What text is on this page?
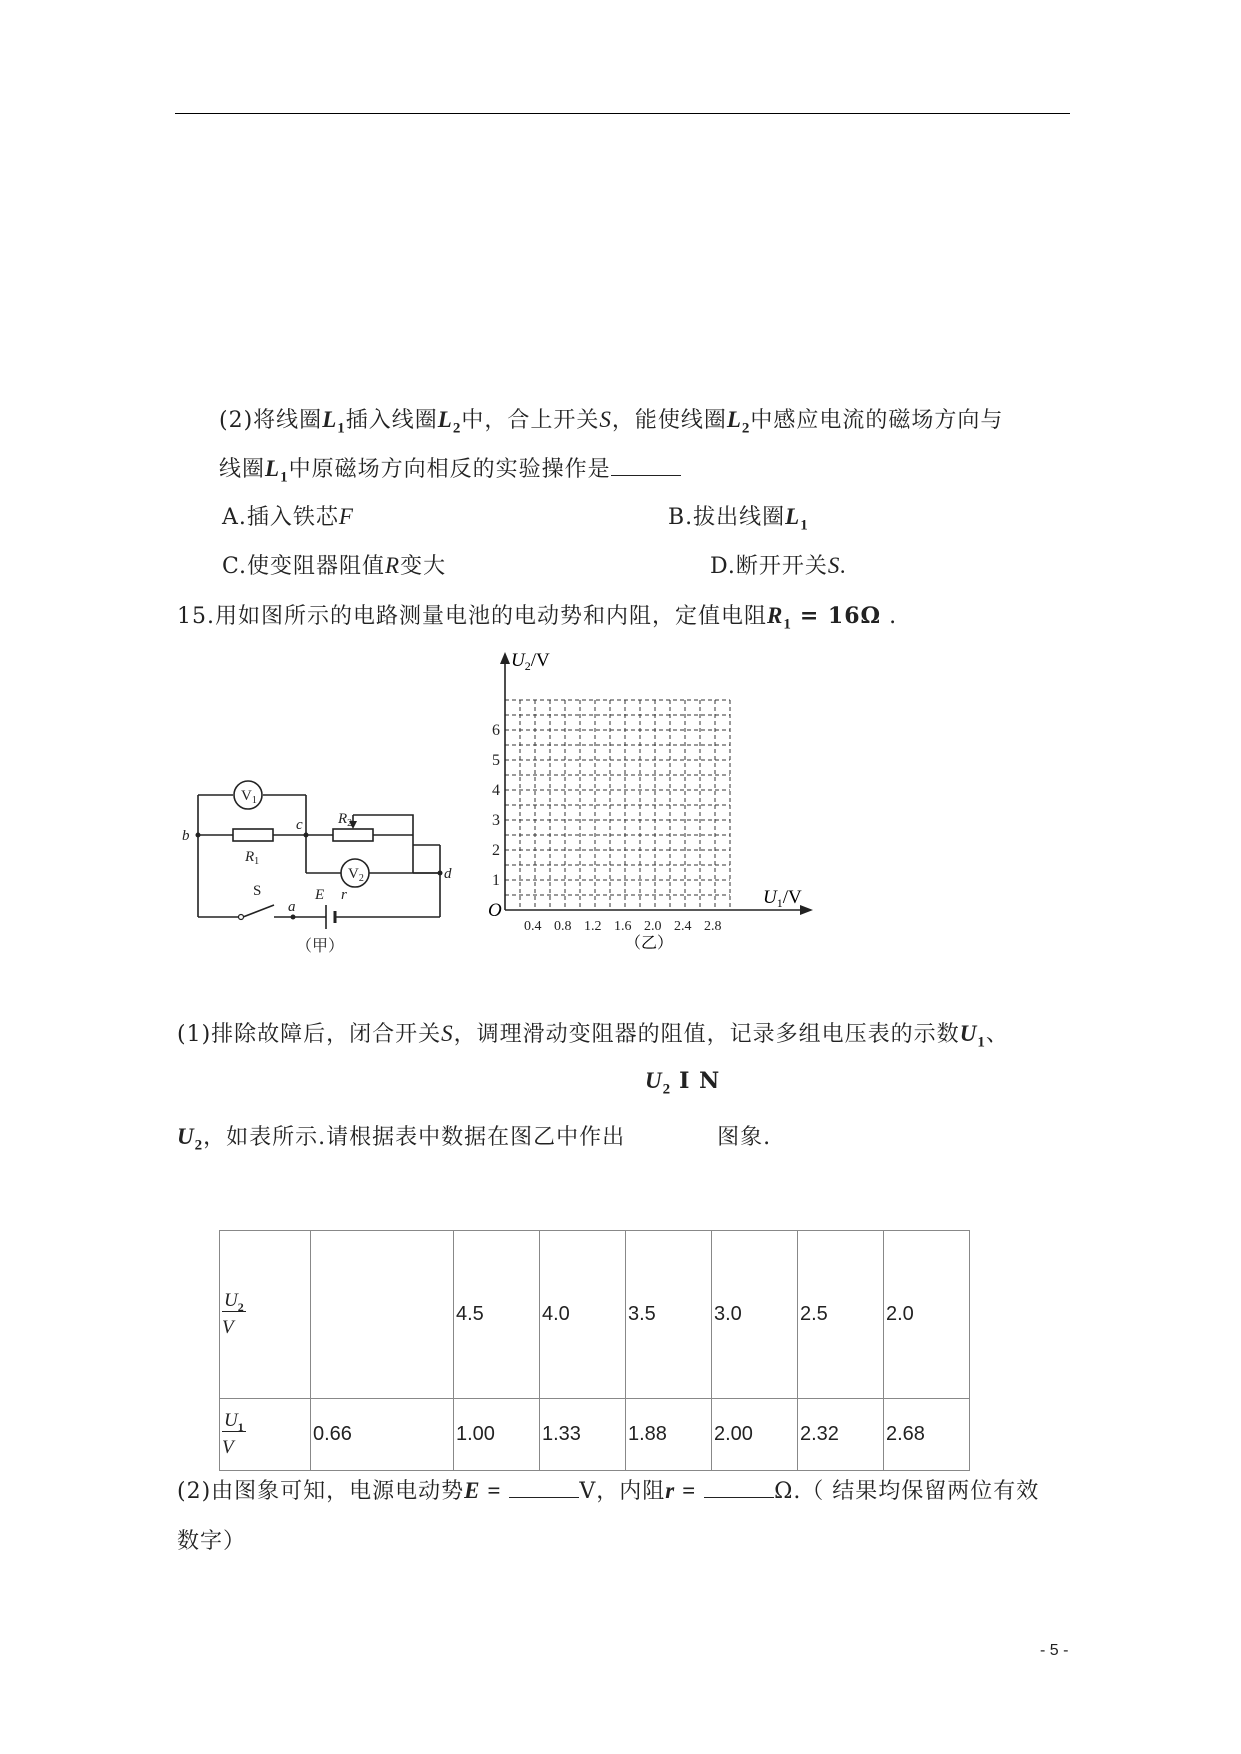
(2)将线圈$L_1$插入线圈$L_2$中，合上开关S，能使线圈$L_2$中感应电流的磁场方向与
线圈$L_1$中原磁场方向相反的实验操作是
A.插入铁芯F	B.拔出线圈$L_1$
C.使变阻器阻值R变大	D.断开开关S.
15.用如图所示的电路测量电池的电动势和内阻，定值电阻$R_1 = 16\Omega$ .
$V_1$
$V_2$
$R_1$
$R_2$
b
c
d
a
S	E r
（甲）
1
2
3
4
5
6
0.4 0.8 1.2 1.6 2.0 2.4 2.8
$U_2/V$
$U_1/V$
O
（乙）
(1)排除故障后，闭合开关S，调理滑动变阻器的阻值，记录多组电压表的示数$U_1$、
$U_2$ I N
$U_2$，如表所示.请根据表中数据在图乙中作出	图象.
$\frac{U_2}{V}$		4.5	4.0	3.5	3.0	2.5	2.0
$\frac{U_1}{V}$	0.66	1.00	1.33	1.88	2.00	2.32	2.68
(2)由图象可知，电源电动势E =	V，内阻r =	Ω.（ 结果均保留两位有效
数字）
- 5 -
